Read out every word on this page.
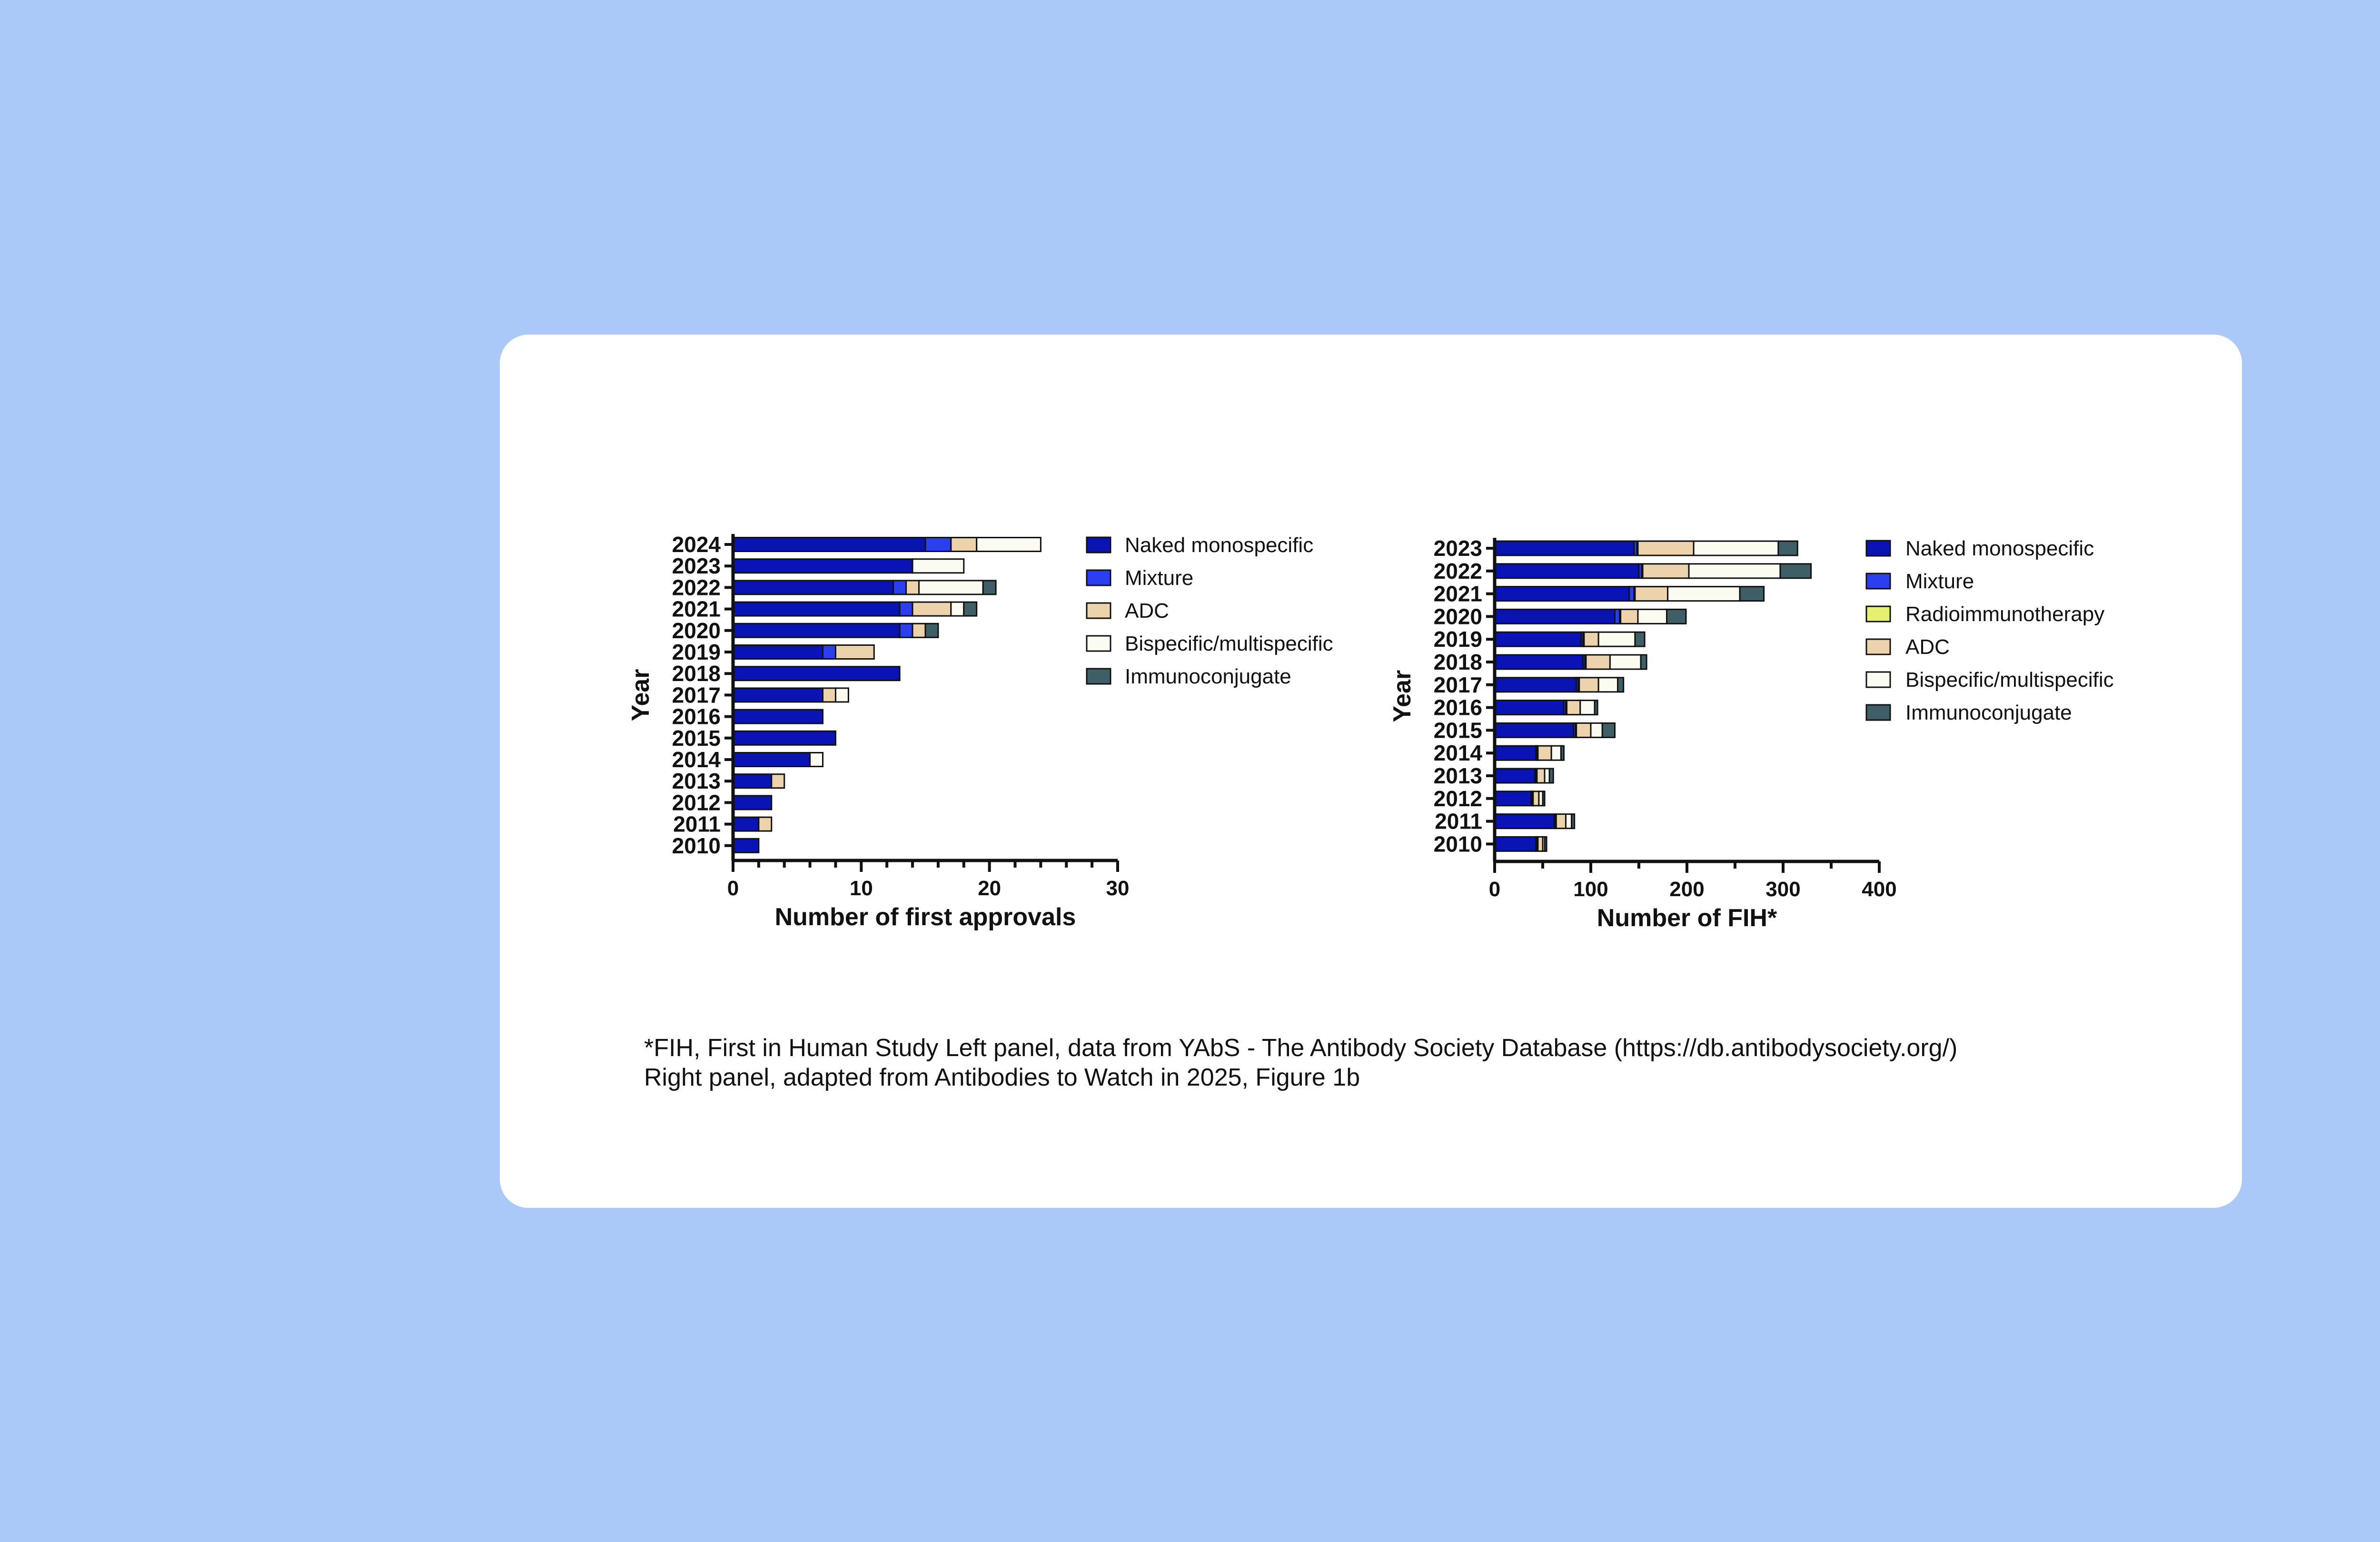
2024
2023
2022
2021
2020
2019
2018
2017
2016
2015
2014
2013
2012
2011
2010
0	10	20	30
Number of first approvals
Year
Naked monospecific
Mixture
ADC
Bispecific/multispecific
Immunoconjugate
2023
2022
2021
2020
2019
2018
2017
2016
2015
2014
2013
2012
2011
2010
0	100	200	300	400
Number of FIH*
Year
Naked monospecific
Mixture
Radioimmunotherapy
ADC
Bispecific/multispecific
Immunoconjugate

*FIH, First in Human Study Left panel, data from YAbS - The Antibody Society Database (https://db.antibodysociety.org/)

Right panel, adapted from Antibodies to Watch in 2025, Figure 1b
